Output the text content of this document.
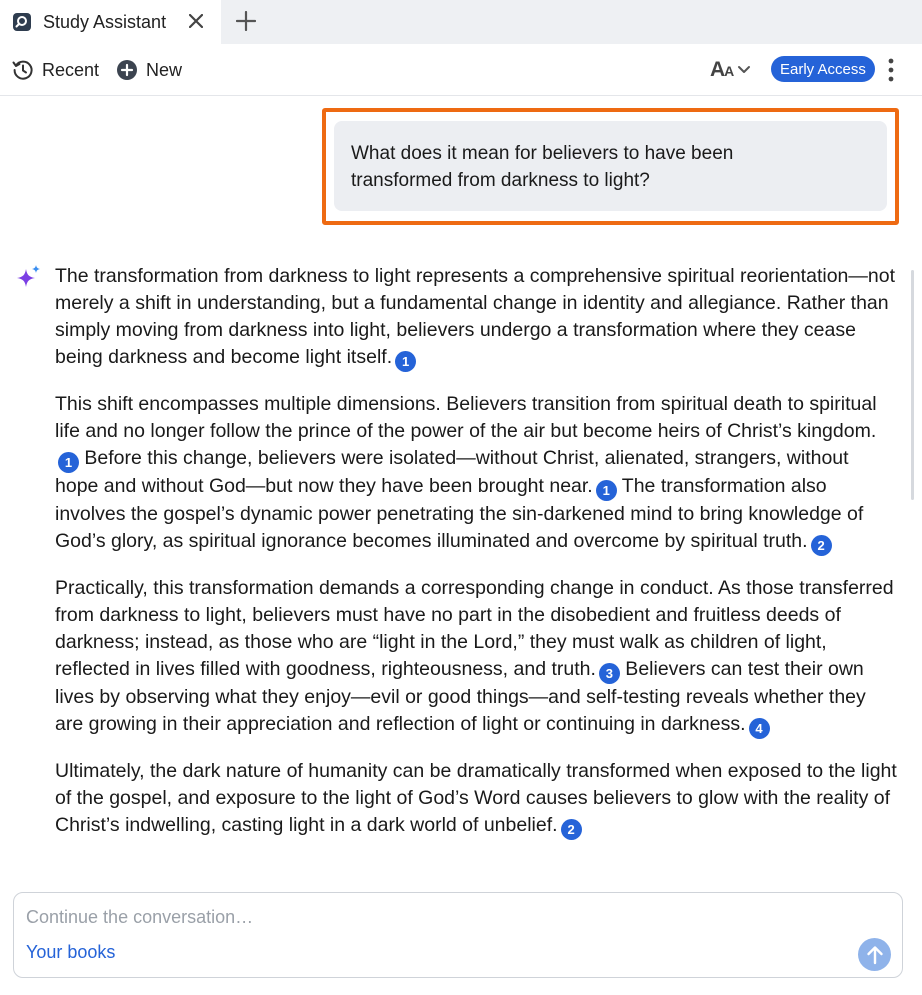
Study Assistant
Recent	New	AA	Early Access
What does it mean for believers to have been
transformed from darkness to light?

The transformation from darkness to light represents a comprehensive spiritual reorientation—not merely a shift in understanding, but a fundamental change in identity and allegiance. Rather than simply moving from darkness into light, believers undergo a transformation where they cease being darkness and become light itself. 1

This shift encompasses multiple dimensions. Believers transition from spiritual death to spiritual life and no longer follow the prince of the power of the air but become heirs of Christ’s kingdom.1 Before this change, believers were isolated—without Christ, alienated, strangers, without hope and without God—but now they have been brought near. 1 The transformation also involves the gospel’s dynamic power penetrating the sin-darkened mind to bring knowledge of God’s glory, as spiritual ignorance becomes illuminated and overcome by spiritual truth. 2

Practically, this transformation demands a corresponding change in conduct. As those transferred from darkness to light, believers must have no part in the disobedient and fruitless deeds of darkness; instead, as those who are “light in the Lord,” they must walk as children of light, reflected in lives filled with goodness, righteousness, and truth. 3 Believers can test their own lives by observing what they enjoy—evil or good things—and self-testing reveals whether they are growing in their appreciation and reflection of light or continuing in darkness. 4

Ultimately, the dark nature of humanity can be dramatically transformed when exposed to the light of the gospel, and exposure to the light of God’s Word causes believers to glow with the reality of Christ’s indwelling, casting light in a dark world of unbelief. 2

Continue the conversation…
Your books
